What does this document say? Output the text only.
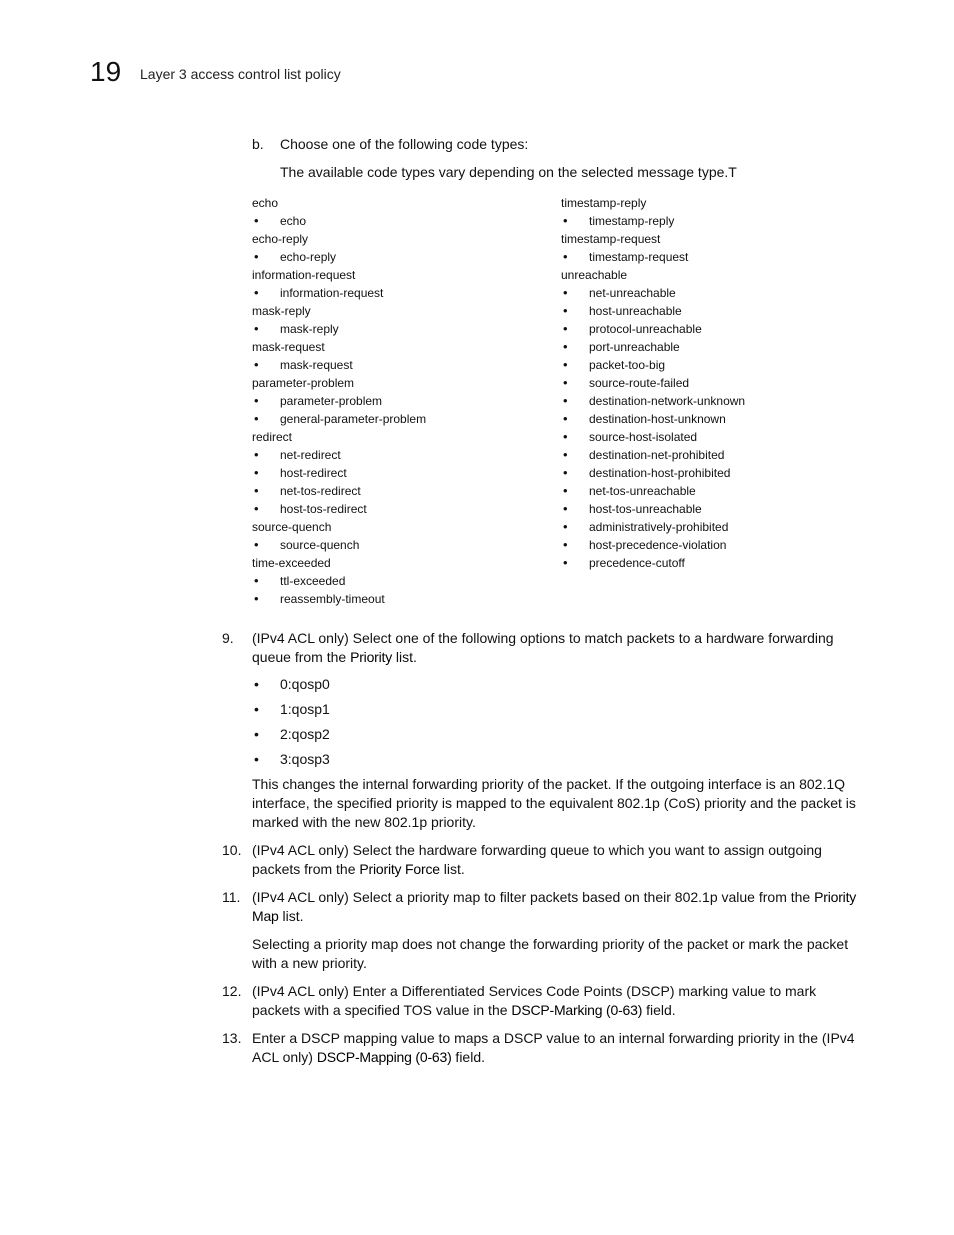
19 Layer 3 access control list policy
b. Choose one of the following code types:
The available code types vary depending on the selected message type.T
echo
• echo
echo-reply
• echo-reply
information-request
• information-request
mask-reply
• mask-reply
mask-request
• mask-request
parameter-problem
• parameter-problem
• general-parameter-problem
redirect
• net-redirect
• host-redirect
• net-tos-redirect
• host-tos-redirect
source-quench
• source-quench
time-exceeded
• ttl-exceeded
• reassembly-timeout
timestamp-reply
• timestamp-reply
timestamp-request
• timestamp-request
unreachable
• net-unreachable
• host-unreachable
• protocol-unreachable
• port-unreachable
• packet-too-big
• source-route-failed
• destination-network-unknown
• destination-host-unknown
• source-host-isolated
• destination-net-prohibited
• destination-host-prohibited
• net-tos-unreachable
• host-tos-unreachable
• administratively-prohibited
• host-precedence-violation
• precedence-cutoff
9.	(IPv4 ACL only) Select one of the following options to match packets to a hardware forwarding queue from the Priority list.

• 0:qosp0
• 1:qosp1
• 2:qosp2
• 3:qosp3

This changes the internal forwarding priority of the packet. If the outgoing interface is an 802.1Q interface, the specified priority is mapped to the equivalent 802.1p (CoS) priority and the packet is marked with the new 802.1p priority.

10. (IPv4 ACL only) Select the hardware forwarding queue to which you want to assign outgoing packets from the Priority Force list.

11. (IPv4 ACL only) Select a priority map to filter packets based on their 802.1p value from the Priority Map list.

Selecting a priority map does not change the forwarding priority of the packet or mark the packet with a new priority.

12. (IPv4 ACL only) Enter a Differentiated Services Code Points (DSCP) marking value to mark packets with a specified TOS value in the DSCP-Marking (0-63) field.

13. Enter a DSCP mapping value to maps a DSCP value to an internal forwarding priority in the (IPv4 ACL only) DSCP-Mapping (0-63) field.
